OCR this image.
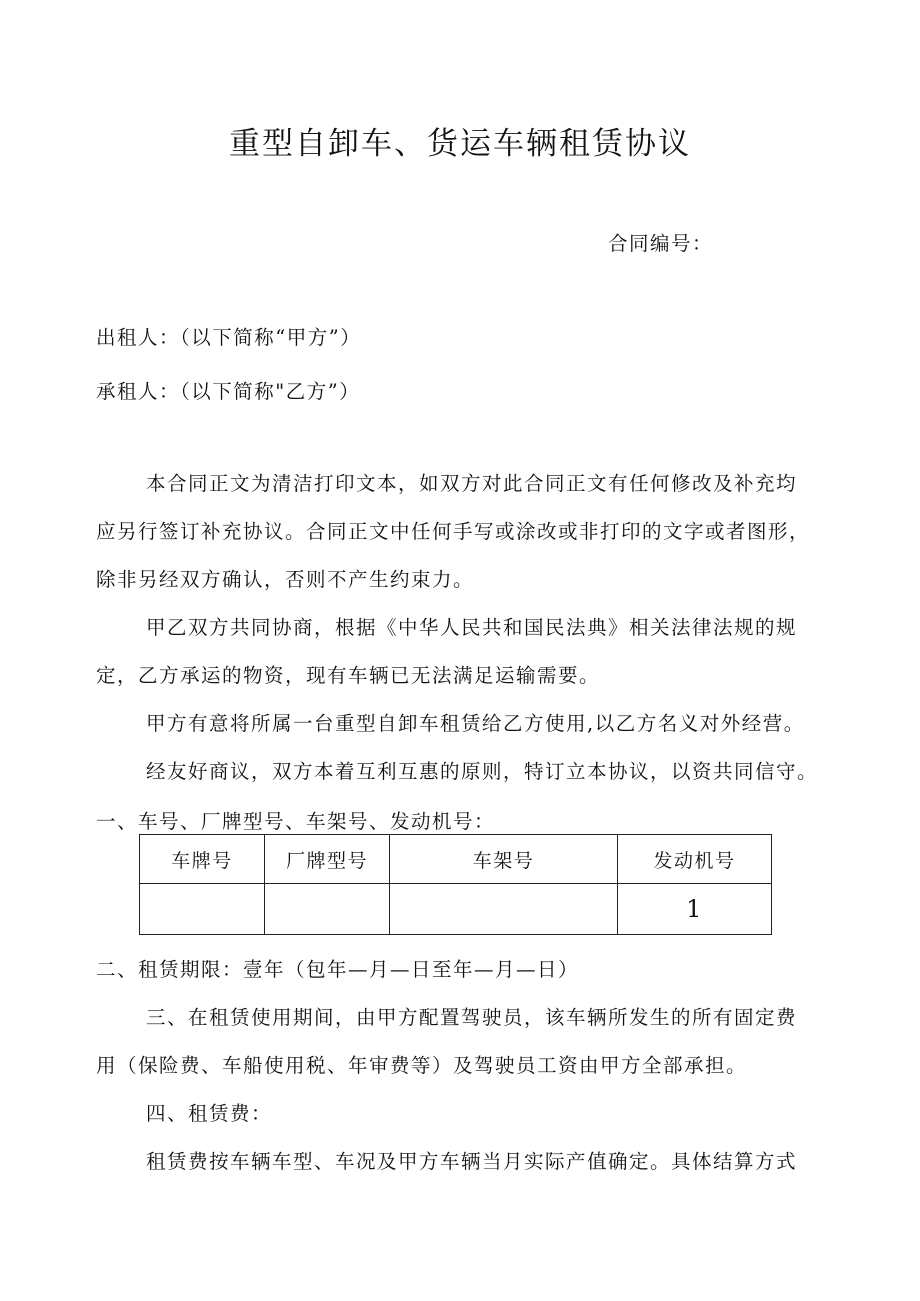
重型自卸车、货运车辆租赁协议
合同编号：
出租人：（以下简称“甲方”）
承租人：（以下简称"乙方”）
本合同正文为清洁打印文本，如双方对此合同正文有任何修改及补充均
应另行签订补充协议。合同正文中任何手写或涂改或非打印的文字或者图形，
除非另经双方确认，否则不产生约束力。
甲乙双方共同协商，根据《中华人民共和国民法典》相关法律法规的规
定，乙方承运的物资，现有车辆已无法满足运输需要。
甲方有意将所属一台重型自卸车租赁给乙方使用,以乙方名义对外经营。
经友好商议，双方本着互利互惠的原则，特订立本协议，以资共同信守。
一、车号、厂牌型号、车架号、发动机号：
车牌号	厂牌型号	车架号	发动机号
			1
二、租赁期限：壹年（包年—月—日至年—月—日）
三、在租赁使用期间，由甲方配置驾驶员，该车辆所发生的所有固定费
用（保险费、车船使用税、年审费等）及驾驶员工资由甲方全部承担。
四、租赁费：
租赁费按车辆车型、车况及甲方车辆当月实际产值确定。具体结算方式
